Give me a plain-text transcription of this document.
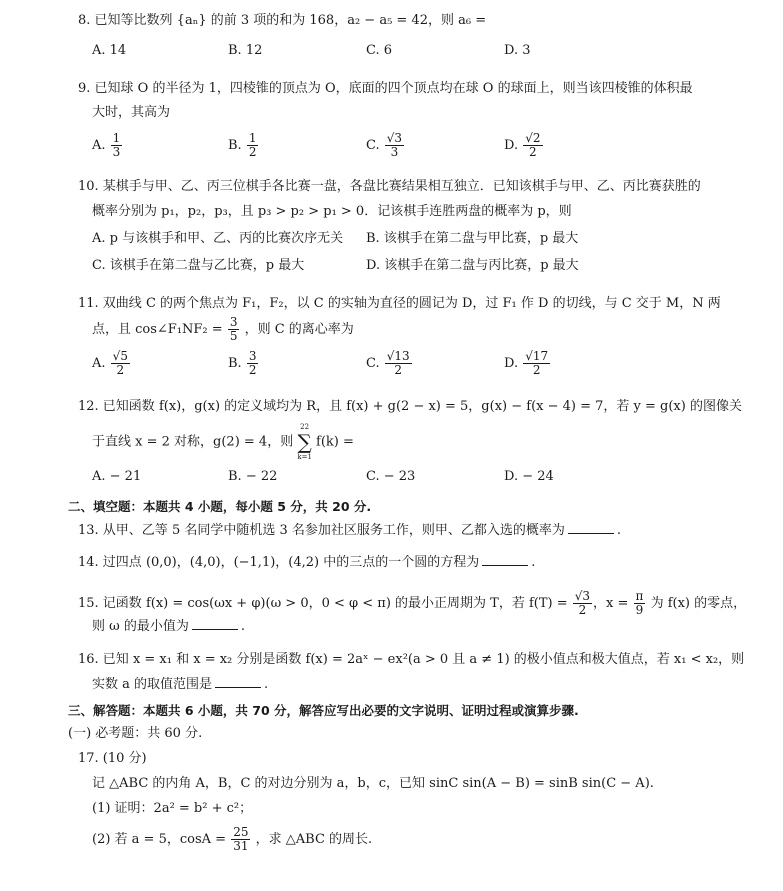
8. 已知等比数列 {aₙ} 的前 3 项的和为 168，a₂ − a₅ = 42，则 a₆ =
A. 14	B. 12	C. 6	D. 3
9. 已知球 O 的半径为 1，四棱锥的顶点为 O，底面的四个顶点均在球 O 的球面上，则当该四棱锥的体积最
大时，其高为
A. $\frac{1}{3}$	B. $\frac{1}{2}$	C. $\frac{√3}{3}$	D. $\frac{√2}{2}$
10. 某棋手与甲、乙、丙三位棋手各比赛一盘，各盘比赛结果相互独立．已知该棋手与甲、乙、丙比赛获胜的
概率分别为 p₁，p₂，p₃，且 p₃ > p₂ > p₁ > 0．记该棋手连胜两盘的概率为 p，则
A. p 与该棋手和甲、乙、丙的比赛次序无关 B. 该棋手在第二盘与甲比赛，p 最大
C. 该棋手在第二盘与乙比赛，p 最大	D. 该棋手在第二盘与丙比赛，p 最大
11. 双曲线 C 的两个焦点为 F₁，F₂，以 C 的实轴为直径的圆记为 D，过 F₁ 作 D 的切线，与 C 交于 M，N 两
点，且 cos∠F₁NF₂ = $\frac{3}{5}$ ，则 C 的离心率为
A. $\frac{√5}{2}$	B. $\frac{3}{2}$	C. $\frac{√13}{2}$	D. $\frac{√17}{2}$
12. 已知函数 f(x)，g(x) 的定义域均为 R，且 f(x) + g(2 − x) = 5，g(x) − f(x − 4) = 7，若 y = g(x) 的图像关
于直线 x = 2 对称，g(2) = 4，则
22
∑
k=1
f(k) =
A. − 21	B. − 22	C. − 23	D. − 24
二、填空题：本题共 4 小题，每小题 5 分，共 20 分.
13. 从甲、乙等 5 名同学中随机选 3 名参加社区服务工作，则甲、乙都入选的概率为	.
14. 过四点 (0,0)，(4,0)，(−1,1)，(4,2) 中的三点的一个圆的方程为	.
15. 记函数 f(x) = cos(ωx + φ)(ω > 0，0 < φ < π) 的最小正周期为 T，若 $f(T) = \frac{√3}{2}$ ，$x = \frac{\pi}{9}$ 为 f(x) 的零点，
则 ω 的最小值为	.
16. 已知 x = x₁ 和 x = x₂ 分别是函数 f(x) = 2aˣ − ex²(a > 0 且 a ≠ 1) 的极小值点和极大值点，若 x₁ < x₂，则
实数 a 的取值范围是	.
三、解答题：本题共 6 小题，共 70 分，解答应写出必要的文字说明、证明过程或演算步骤.
(一) 必考题：共 60 分.
17. (10 分)
记 △ABC 的内角 A，B，C 的对边分别为 a，b，c，已知 sinC sin(A − B) = sinB sin(C − A).
(1) 证明：2a² = b² + c²；
(2) 若 a = 5，$\cos A = \frac{25}{31}$ ，求 △ABC 的周长.
